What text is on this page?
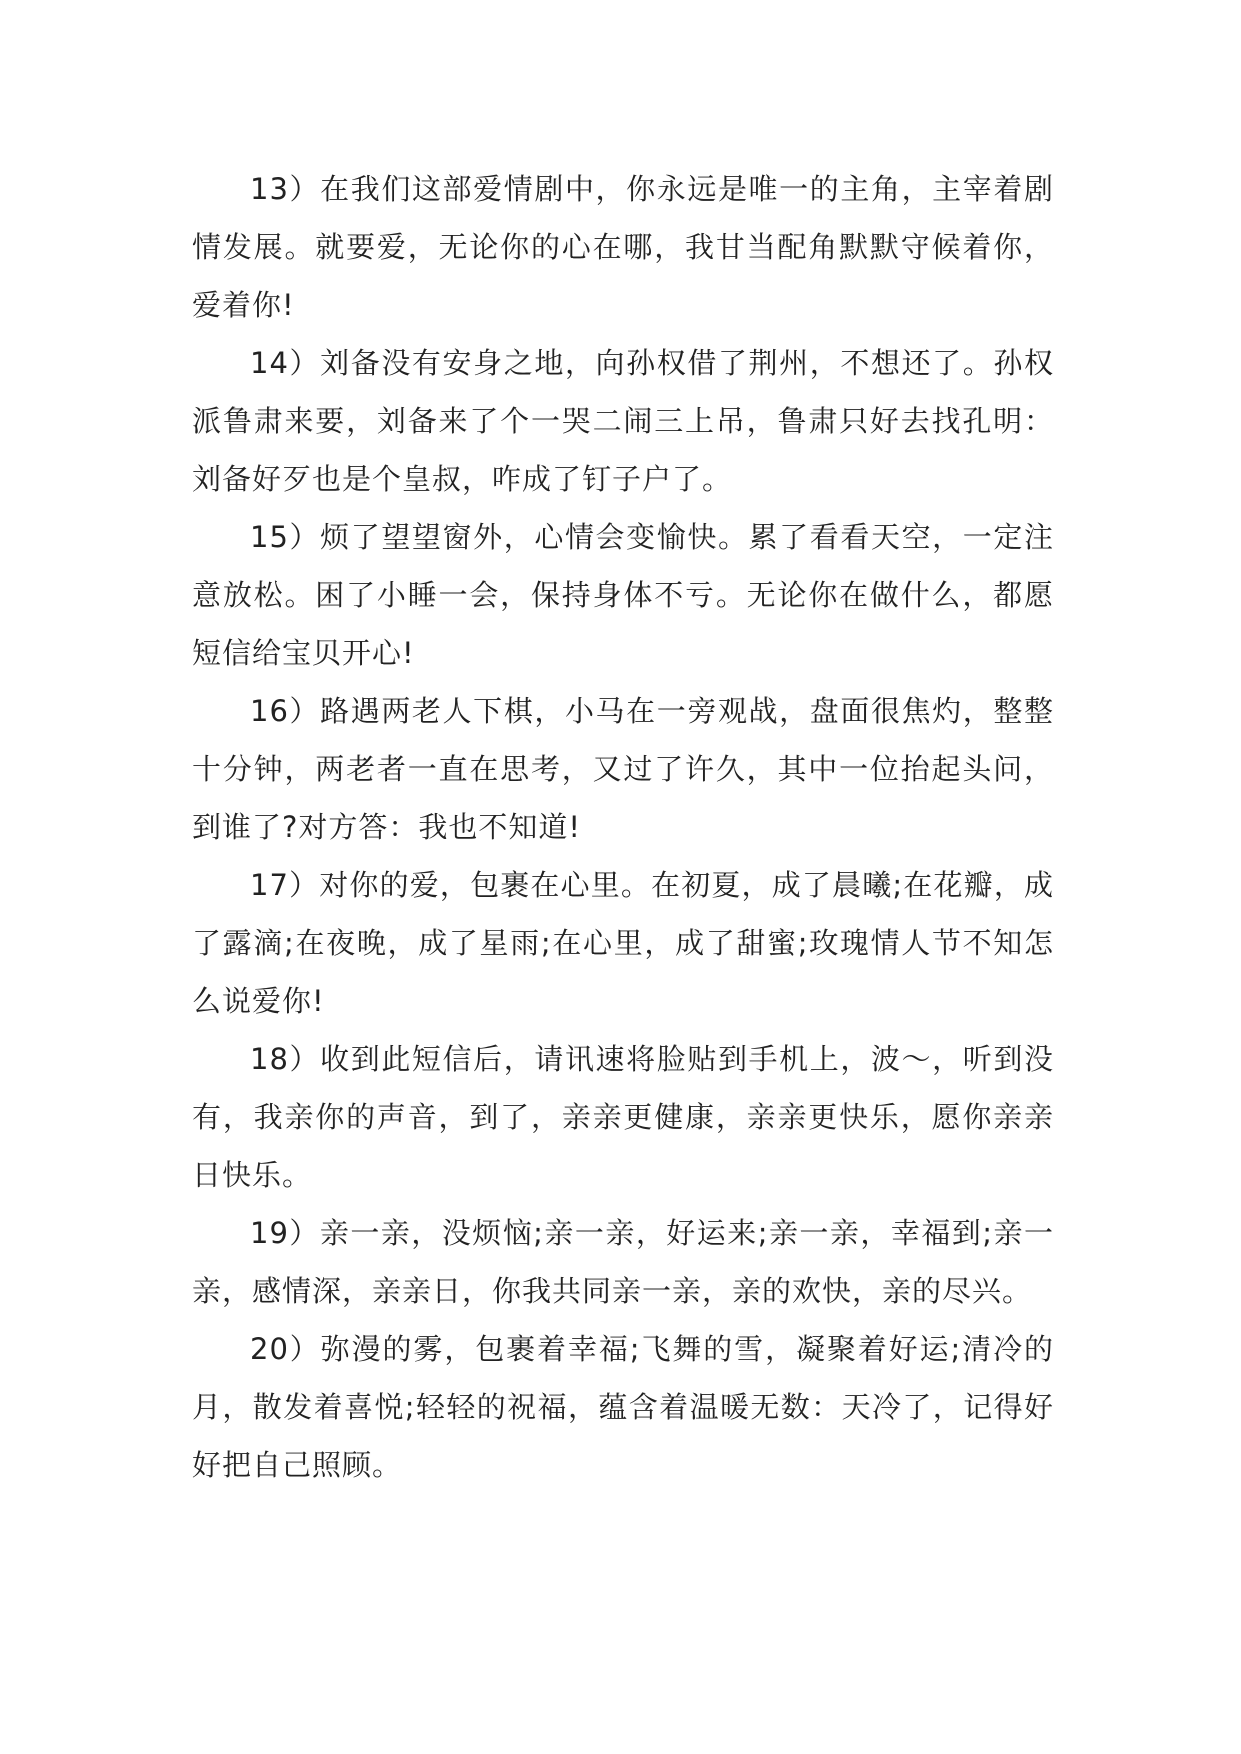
13）在我们这部爱情剧中，你永远是唯一的主角，主宰着剧情发展。就要爱，无论你的心在哪，我甘当配角默默守候着你，爱着你!

14）刘备没有安身之地，向孙权借了荆州，不想还了。孙权派鲁肃来要，刘备来了个一哭二闹三上吊，鲁肃只好去找孔明：刘备好歹也是个皇叔，咋成了钉子户了。

15）烦了望望窗外，心情会变愉快。累了看看天空，一定注意放松。困了小睡一会，保持身体不亏。无论你在做什么，都愿短信给宝贝开心!

16）路遇两老人下棋，小马在一旁观战，盘面很焦灼，整整十分钟，两老者一直在思考，又过了许久，其中一位抬起头问，到谁了?对方答：我也不知道!

17）对你的爱，包裹在心里。在初夏，成了晨曦;在花瓣，成了露滴;在夜晚，成了星雨;在心里，成了甜蜜;玫瑰情人节不知怎么说爱你!

18）收到此短信后，请讯速将脸贴到手机上，波～，听到没有，我亲你的声音，到了，亲亲更健康，亲亲更快乐，愿你亲亲日快乐。

19）亲一亲，没烦恼;亲一亲，好运来;亲一亲，幸福到;亲一亲，感情深，亲亲日，你我共同亲一亲，亲的欢快，亲的尽兴。

20）弥漫的雾，包裹着幸福;飞舞的雪，凝聚着好运;清冷的月，散发着喜悦;轻轻的祝福，蕴含着温暖无数：天冷了，记得好好把自己照顾。
